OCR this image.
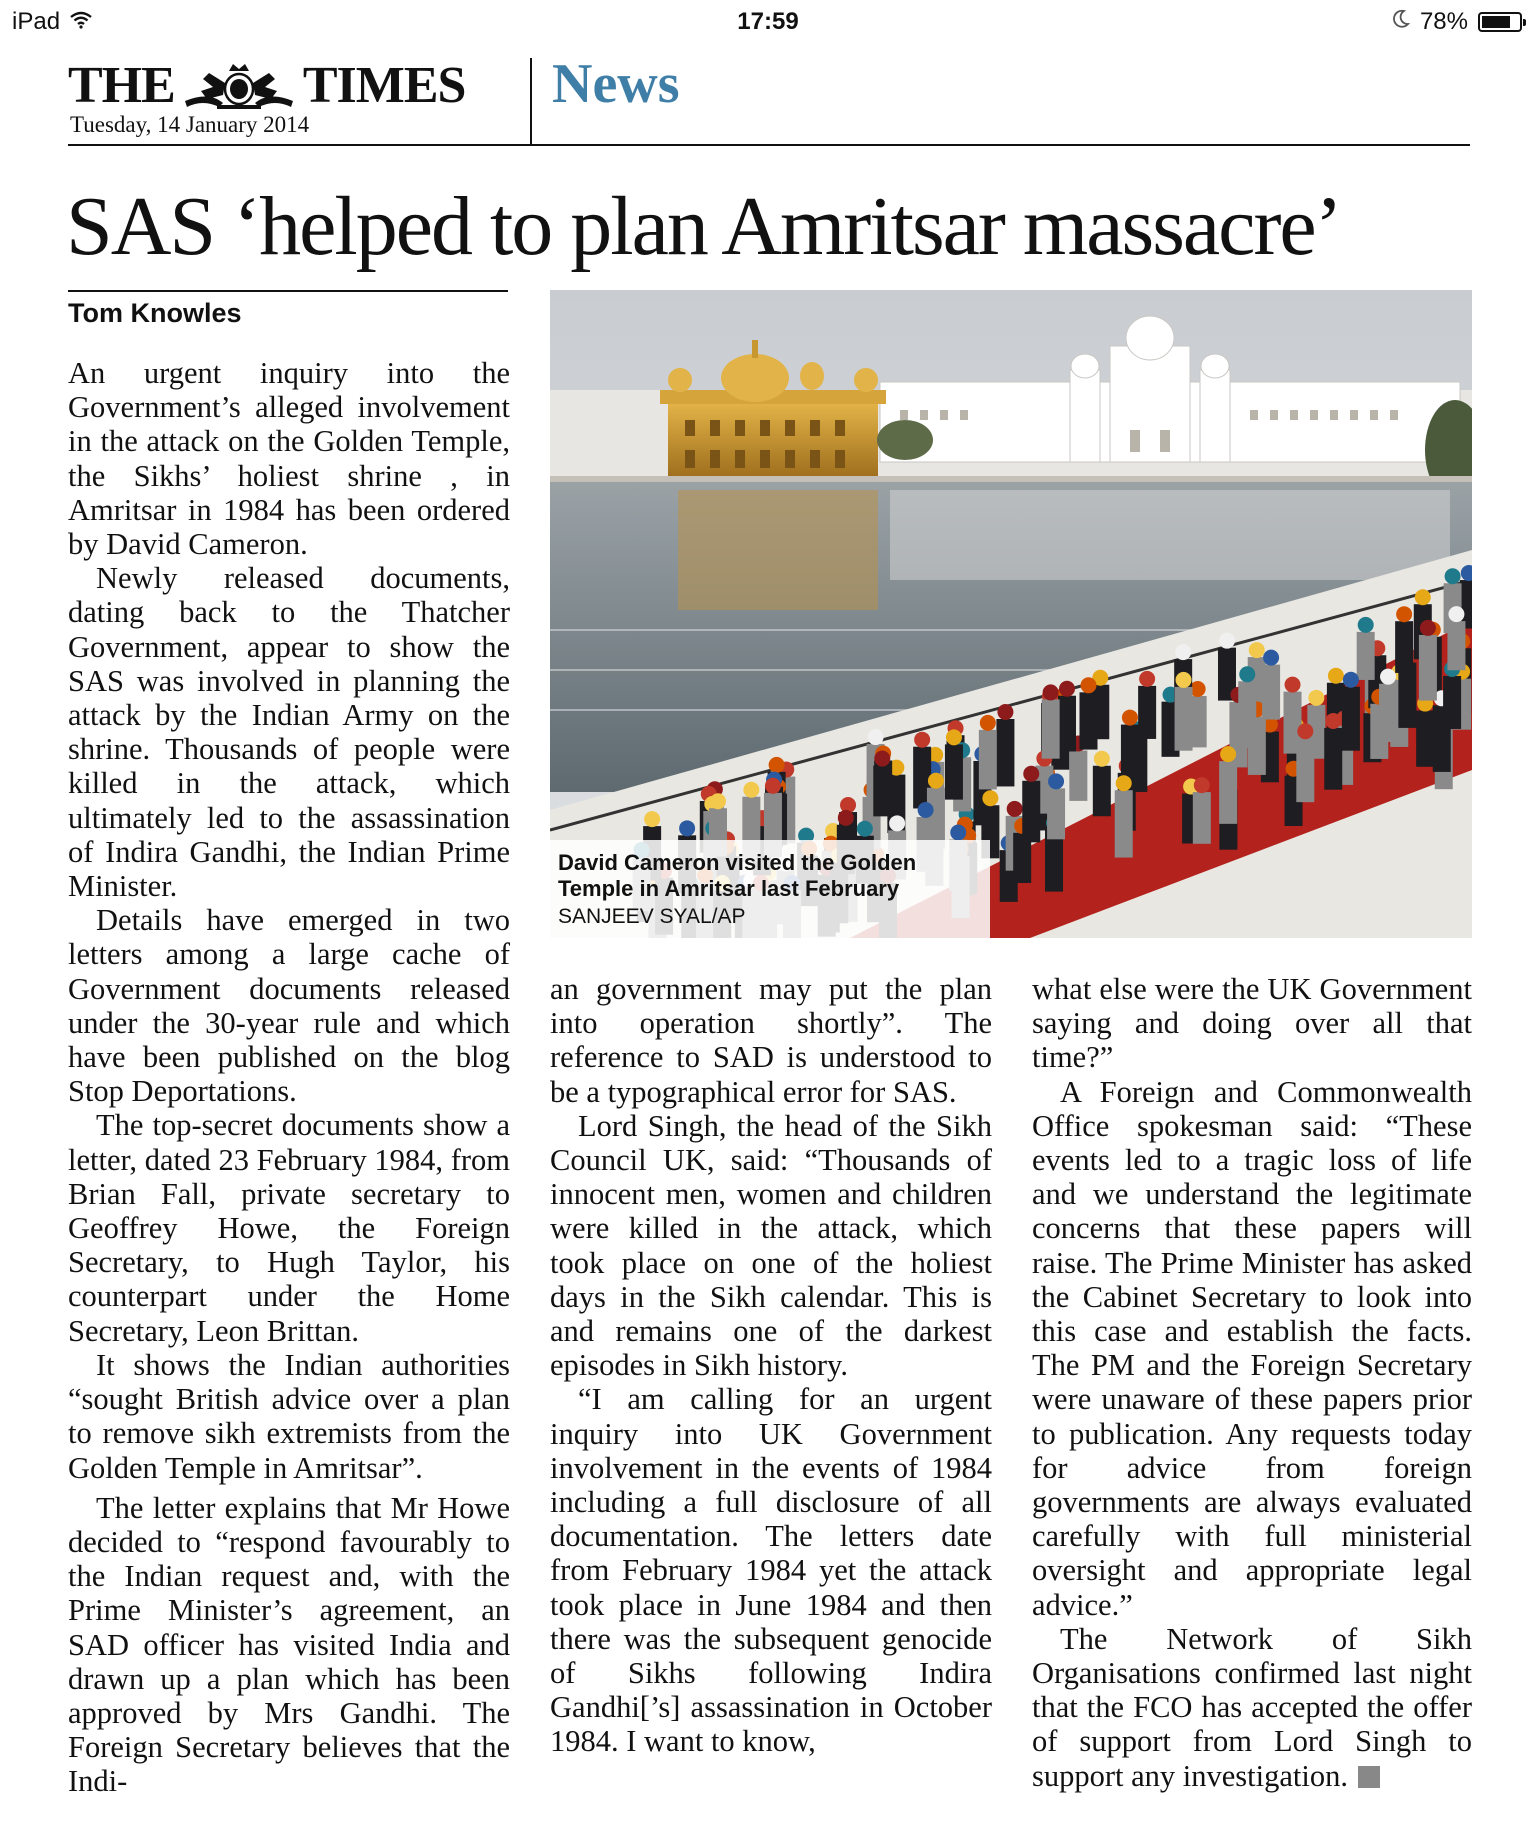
iPad	17:59	78%
THE TIMES
Tuesday, 14 January 2014
News
SAS ‘helped to plan Amritsar massacre’
Tom Knowles

An urgent inquiry into the Government’s alleged involvement in the attack on the Golden Temple, the Sikhs’ holiest shrine , in Amritsar in 1984 has been ordered by David Cameron.

Newly released documents, dating back to the Thatcher Government, appear to show the SAS was involved in planning the attack by the Indian Army on the shrine. Thousands of people were killed in the attack, which ultimately led to the assassination of Indira Gandhi, the Indian Prime Minister.

Details have emerged in two letters among a large cache of Government documents released under the 30-year rule and which have been published on the blog Stop Deportations.

The top-secret documents show a letter, dated 23 February 1984, from Brian Fall, private secretary to Geoffrey Howe, the Foreign Secretary, to Hugh Taylor, his counterpart under the Home Secretary, Leon Brittan.

It shows the Indian authorities “sought British advice over a plan to remove sikh extremists from the Golden Temple in Amritsar”.

The letter explains that Mr Howe decided to “respond favourably to the Indian request and, with the Prime Minister’s agreement, an SAD officer has visited India and drawn up a plan which has been approved by Mrs Gandhi. The Foreign Secretary believes that the Indi-

David Cameron visited the Golden Temple in Amritsar last February
SANJEEV SYAL/AP

an government may put the plan into operation shortly”. The reference to SAD is understood to be a typographical error for SAS.

Lord Singh, the head of the Sikh Council UK, said: “Thousands of innocent men, women and children were killed in the attack, which took place on one of the holiest days in the Sikh calendar. This is and remains one of the darkest episodes in Sikh history.

“I am calling for an urgent inquiry into UK Government involvement in the events of 1984 including a full disclosure of all documentation. The letters date from February 1984 yet the attack took place in June 1984 and then there was the subsequent genocide of Sikhs following Indira Gandhi[’s] assassination in October 1984. I want to know,

what else were the UK Government saying and doing over all that time?”

A Foreign and Commonwealth Office spokesman said: “These events led to a tragic loss of life and we understand the legitimate concerns that these papers will raise. The Prime Minister has asked the Cabinet Secretary to look into this case and establish the facts. The PM and the Foreign Secretary were unaware of these papers prior to publication. Any requests today for advice from foreign governments are always evaluated carefully with full ministerial oversight and appropriate legal advice.”

The Network of Sikh Organisations confirmed last night that the FCO has accepted the offer of support from Lord Singh to support any investigation.
